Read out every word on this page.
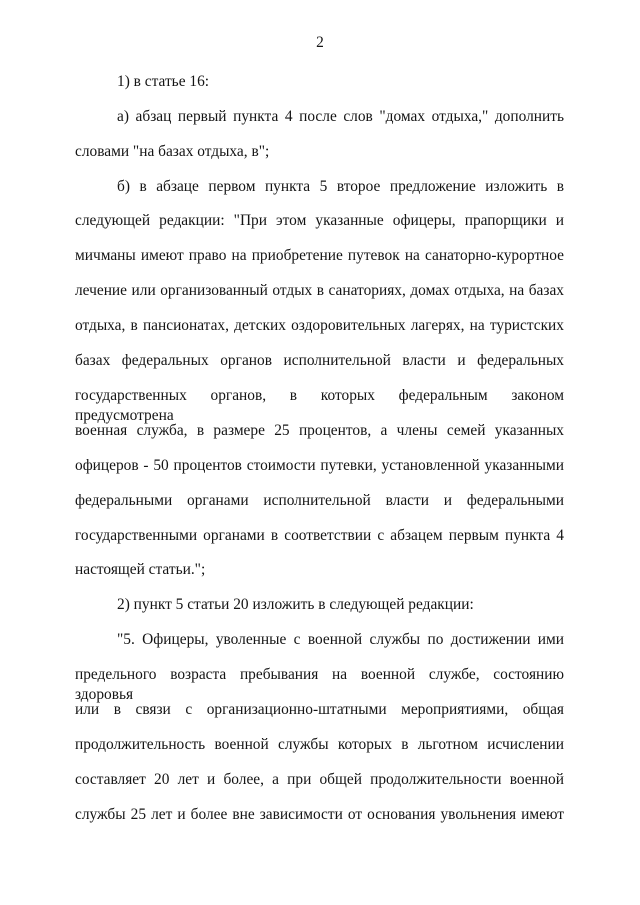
2
1) в статье 16:
а) абзац первый пункта 4 после слов "домах отдыха," дополнить
словами "на базах отдыха, в";
б) в абзаце первом пункта 5 второе предложение изложить в
следующей редакции: "При этом указанные офицеры, прапорщики и
мичманы имеют право на приобретение путевок на санаторно-курортное
лечение или организованный отдых в санаториях, домах отдыха, на базах
отдыха, в пансионатах, детских оздоровительных лагерях, на туристских
базах федеральных органов исполнительной власти и федеральных
государственных органов, в которых федеральным законом предусмотрена
военная служба, в размере 25 процентов, а члены семей указанных
офицеров - 50 процентов стоимости путевки, установленной указанными
федеральными органами исполнительной власти и федеральными
государственными органами в соответствии с абзацем первым пункта 4
настоящей статьи.";
2) пункт 5 статьи 20 изложить в следующей редакции:
"5. Офицеры, уволенные с военной службы по достижении ими
предельного возраста пребывания на военной службе, состоянию здоровья
или в связи с организационно-штатными мероприятиями, общая
продолжительность военной службы которых в льготном исчислении
составляет 20 лет и более, а при общей продолжительности военной
службы 25 лет и более вне зависимости от основания увольнения имеют
